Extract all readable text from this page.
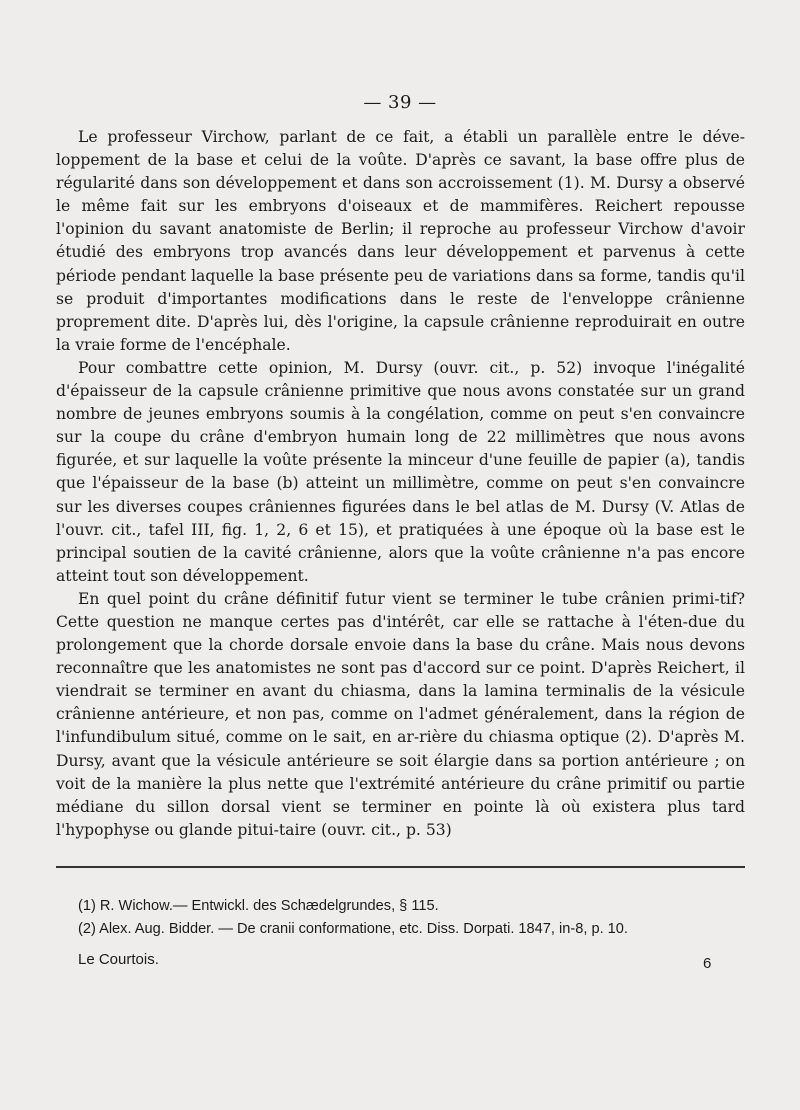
— 39 —

Le professeur Virchow, parlant de ce fait, a établi un parallèle entre le déve-loppement de la base et celui de la voûte. D'après ce savant, la base offre plus de régularité dans son développement et dans son accroissement (1). M. Dursy a observé le même fait sur les embryons d'oiseaux et de mammifères. Reichert repousse l'opinion du savant anatomiste de Berlin; il reproche au professeur Virchow d'avoir étudié des embryons trop avancés dans leur développement et parvenus à cette période pendant laquelle la base présente peu de variations dans sa forme, tandis qu'il se produit d'importantes modifications dans le reste de l'enveloppe crânienne proprement dite. D'après lui, dès l'origine, la capsule crânienne reproduirait en outre la vraie forme de l'encéphale.

Pour combattre cette opinion, M. Dursy (ouvr. cit., p. 52) invoque l'inégalité d'épaisseur de la capsule crânienne primitive que nous avons constatée sur un grand nombre de jeunes embryons soumis à la congélation, comme on peut s'en convaincre sur la coupe du crâne d'embryon humain long de 22 millimètres que nous avons figurée, et sur laquelle la voûte présente la minceur d'une feuille de papier (a), tandis que l'épaisseur de la base (b) atteint un millimètre, comme on peut s'en convaincre sur les diverses coupes crâniennes figurées dans le bel atlas de M. Dursy (V. Atlas de l'ouvr. cit., tafel III, fig. 1, 2, 6 et 15), et pratiquées à une époque où la base est le principal soutien de la cavité crânienne, alors que la voûte crânienne n'a pas encore atteint tout son développement.

En quel point du crâne définitif futur vient se terminer le tube crânien primi-tif? Cette question ne manque certes pas d'intérêt, car elle se rattache à l'éten-due du prolongement que la chorde dorsale envoie dans la base du crâne. Mais nous devons reconnaître que les anatomistes ne sont pas d'accord sur ce point. D'après Reichert, il viendrait se terminer en avant du chiasma, dans la lamina terminalis de la vésicule crânienne antérieure, et non pas, comme on l'admet généralement, dans la région de l'infundibulum situé, comme on le sait, en ar-rière du chiasma optique (2). D'après M. Dursy, avant que la vésicule antérieure se soit élargie dans sa portion antérieure ; on voit de la manière la plus nette que l'extrémité antérieure du crâne primitif ou partie médiane du sillon dorsal vient se terminer en pointe là où existera plus tard l'hypophyse ou glande pitui-taire (ouvr. cit., p. 53)

(1) R. Wichow.— Entwickl. des Schædelgrundes, § 115.
(2) Alex. Aug. Bidder. — De cranii conformatione, etc. Diss. Dorpati. 1847, in-8, p. 10.
Le Courtois.	6
